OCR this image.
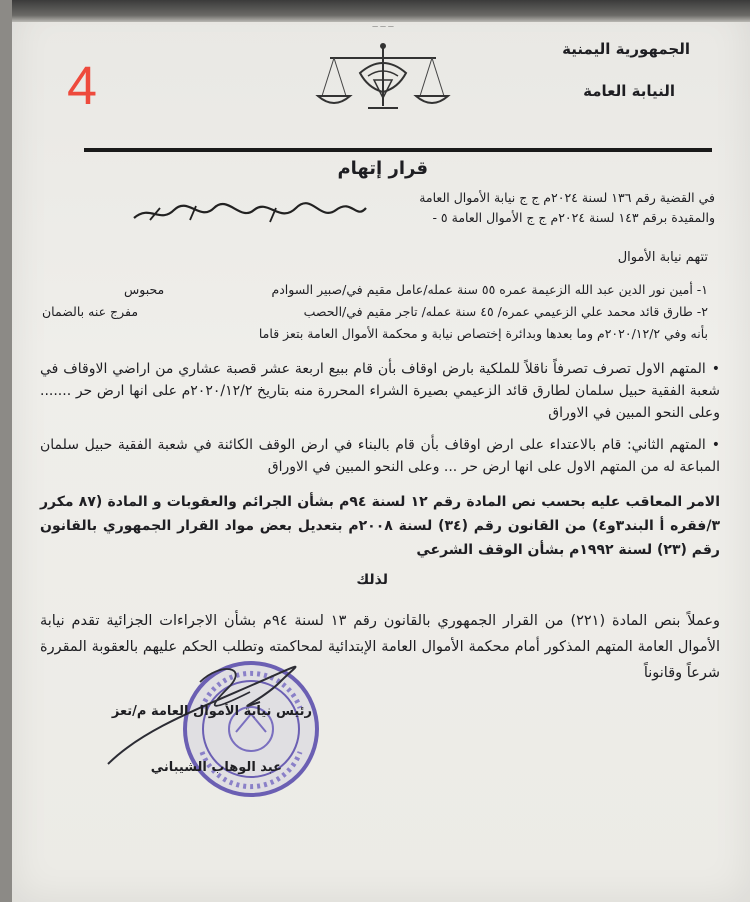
الجمهورية اليمنية
النيابة العامة
4
‎— — —
قرار إتهام
في القضية رقم ١٣٦ لسنة ٢٠٢٤م ج ج نيابة الأموال العامة
والمقيدة برقم ١٤٣ لسنة ٢٠٢٤م ج ج الأموال العامة ٥ -
تتهم نيابة الأموال
١- أمين نور الدين عبد الله الزعيمة عمره ٥٥ سنة عمله/عامل مقيم في/صبير السوادم
محبوس
٢- طارق قائد محمد علي الزعيمي عمره/ ٤٥ سنة عمله/ تاجر مقيم في/الحصب
مفرج عنه بالضمان
بأنه وفي ٢٠٢٠/١٢/٢م وما بعدها وبدائرة إختصاص نيابة و محكمة الأموال العامة بتعز قاما
•المتهم الاول تصرف تصرفاً ناقلاً للملكية بارض اوقاف بأن قام ببيع اربعة عشر قصبة عشاري من اراضي الاوقاف في شعبة الفقية حبيل سلمان لطارق قائد الزعيمي بصيرة الشراء المحررة منه بتاريخ ٢٠٢٠/١٢/٢م على انها ارض حر ....... وعلى النحو المبين في الاوراق
•المتهم الثاني: قام بالاعتداء على ارض اوقاف بأن قام بالبناء في ارض الوقف الكائنة في شعبة الفقية حبيل سلمان المباعة له من المتهم الاول على انها ارض حر ... وعلى النحو المبين في الاوراق
الامر المعاقب عليه بحسب نص المادة رقم ١٢ لسنة ٩٤م بشأن الجرائم والعقوبات و المادة (٨٧ مكرر ٣/فقره أ البند٣و٤) من القانون رقم (٣٤) لسنة ٢٠٠٨م بتعديل بعض مواد القرار الجمهوري بالقانون رقم (٢٣) لسنة ١٩٩٢م بشأن الوقف الشرعي
لذلك
وعملاً بنص المادة (٢٢١) من القرار الجمهوري بالقانون رقم ١٣ لسنة ٩٤م بشأن الاجراءات الجزائية تقدم نيابة الأموال العامة المتهم المذكور أمام محكمة الأموال العامة الإبتدائية لمحاكمته وتطلب الحكم عليهم بالعقوبة المقررة شرعاً وقانوناً
رئيس نيابة الأموال العامة م/تعز
عبد الوهاب الشيباني
